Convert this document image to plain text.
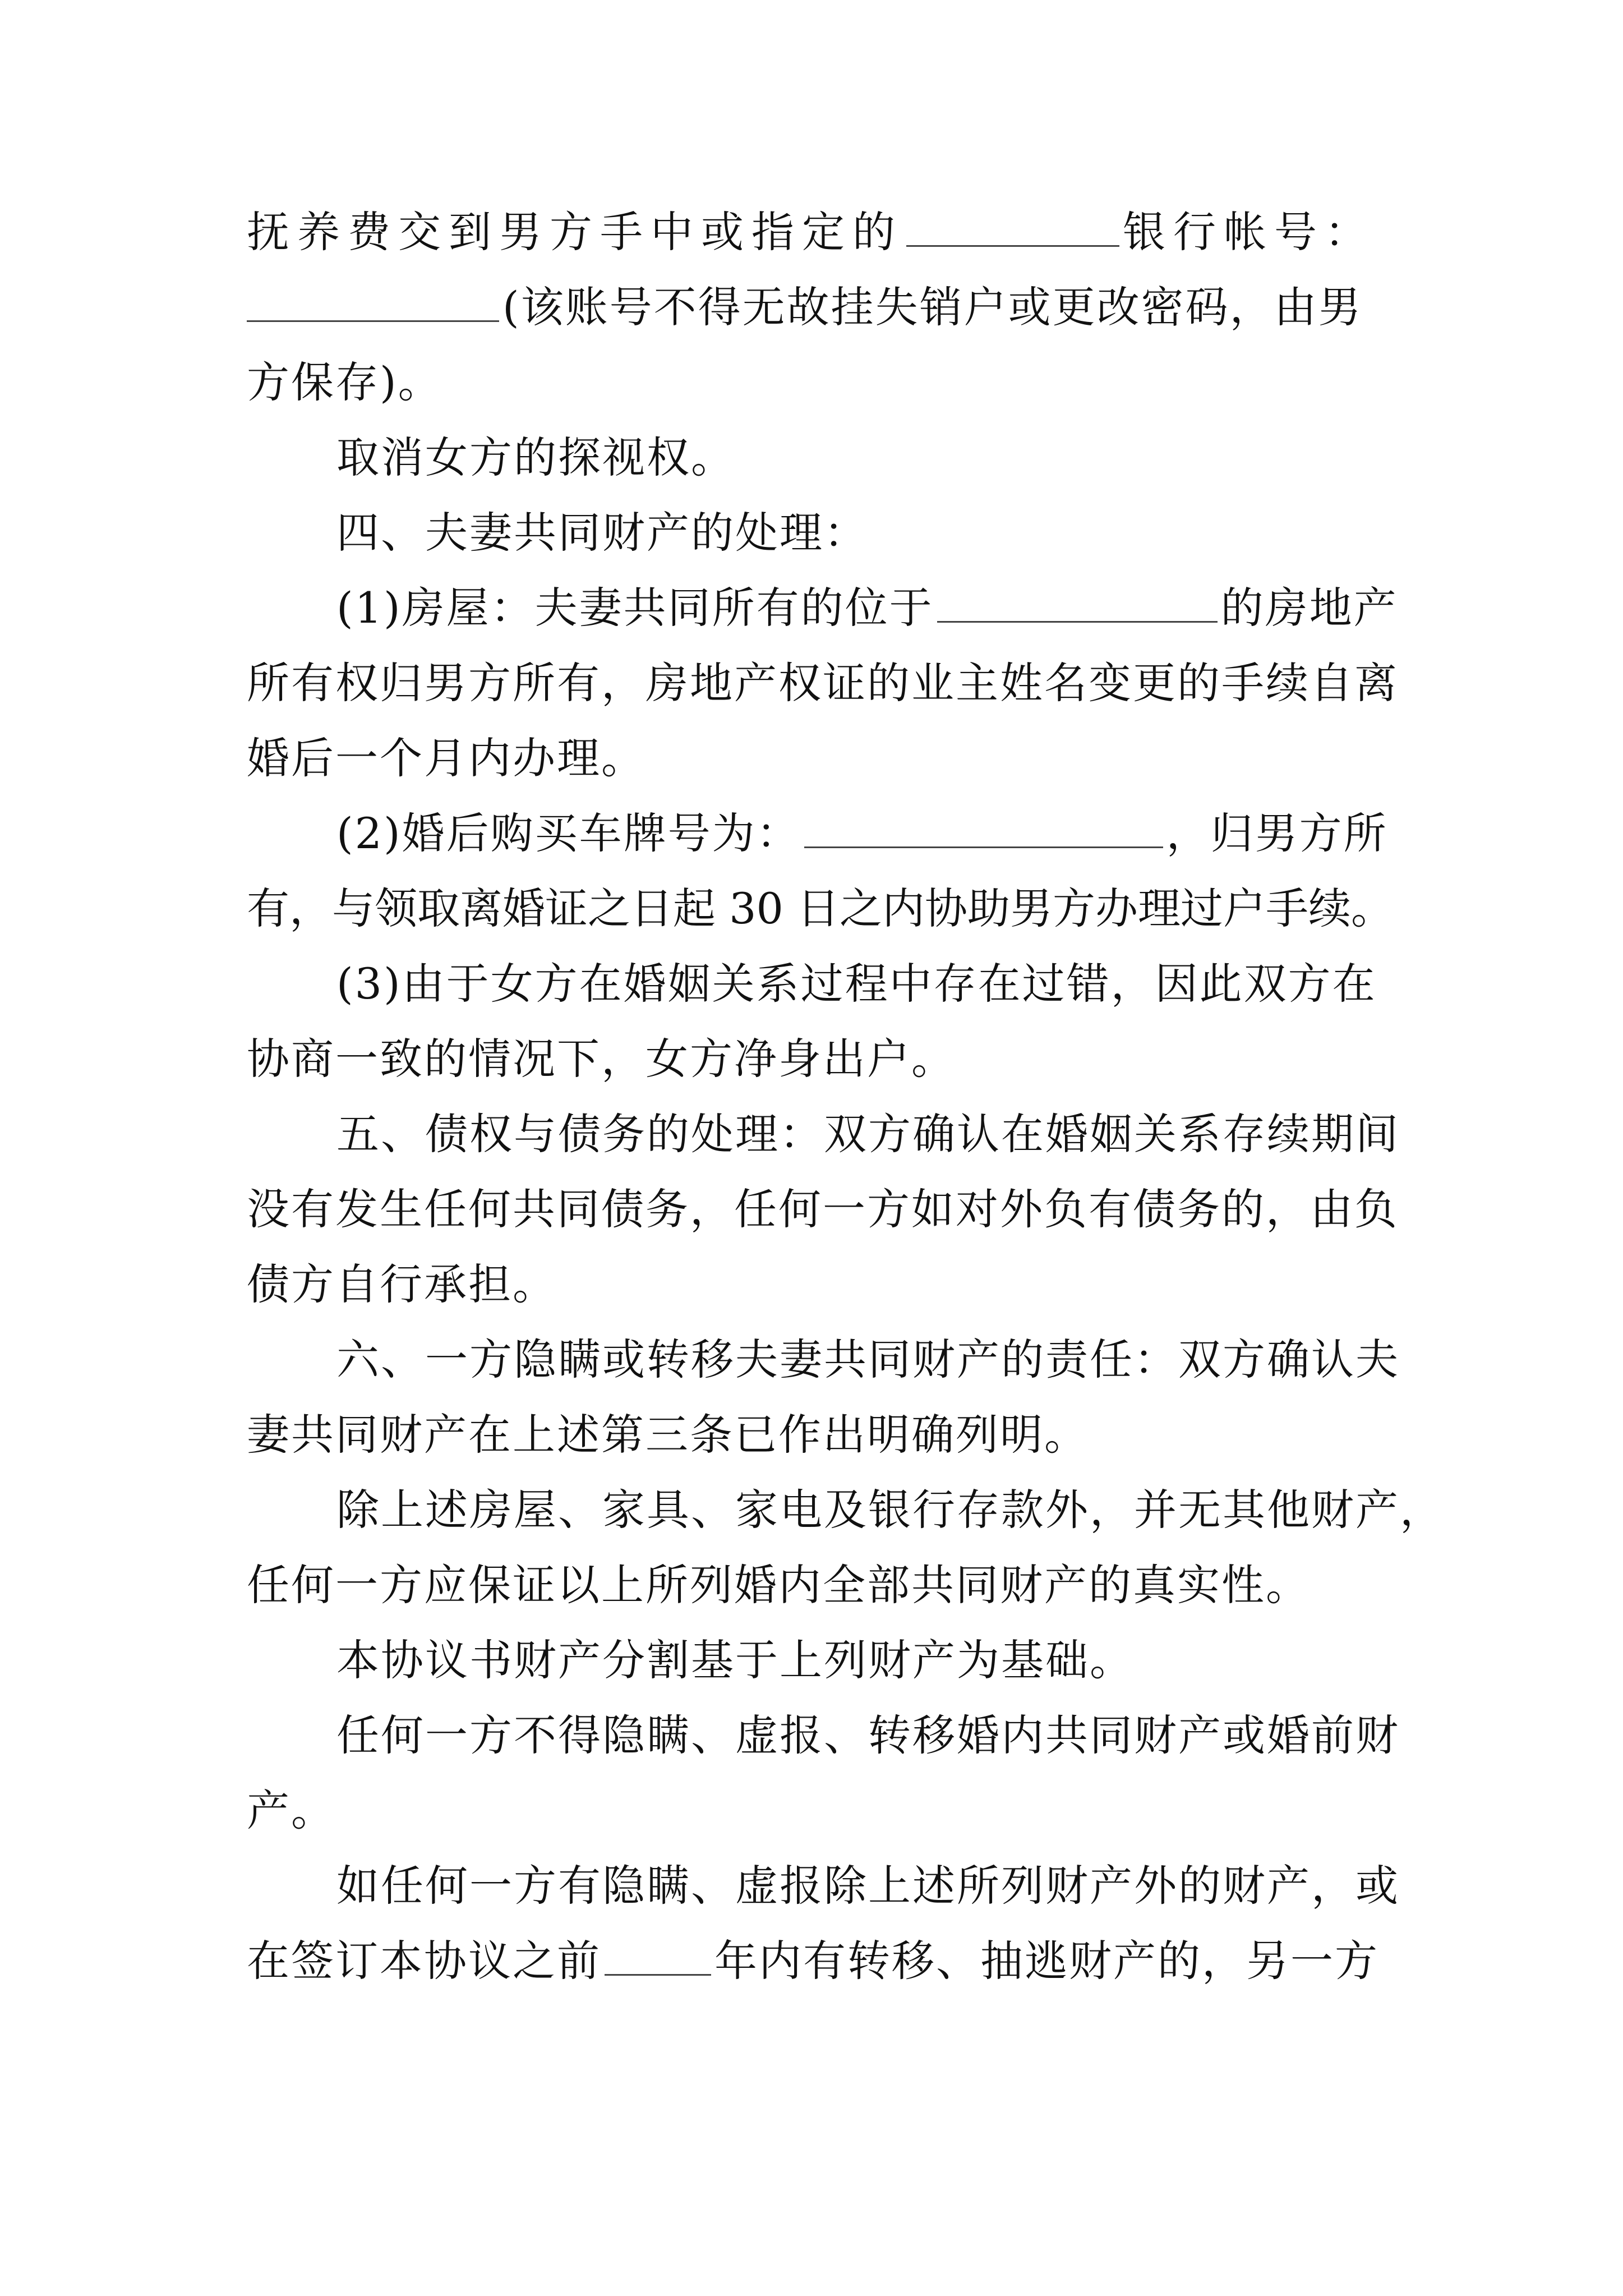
抚养费交到男方手中或指定的	银行帐号：
(该账号不得无故挂失销户或更改密码，由男
方保存)。
取消女方的探视权。
四、夫妻共同财产的处理：
(1)房屋：夫妻共同所有的位于	的房地产
所有权归男方所有，房地产权证的业主姓名变更的手续自离
婚后一个月内办理。
(2)婚后购买车牌号为：	，归男方所
有，与领取离婚证之日起 30 日之内协助男方办理过户手续。
(3)由于女方在婚姻关系过程中存在过错，因此双方在
协商一致的情况下，女方净身出户。
五、债权与债务的处理：双方确认在婚姻关系存续期间
没有发生任何共同债务，任何一方如对外负有债务的，由负
债方自行承担。
六、一方隐瞒或转移夫妻共同财产的责任：双方确认夫
妻共同财产在上述第三条已作出明确列明。
除上述房屋、家具、家电及银行存款外，并无其他财产，
任何一方应保证以上所列婚内全部共同财产的真实性。
本协议书财产分割基于上列财产为基础。
任何一方不得隐瞒、虚报、转移婚内共同财产或婚前财
产。
如任何一方有隐瞒、虚报除上述所列财产外的财产，或
在签订本协议之前	年内有转移、抽逃财产的，另一方
